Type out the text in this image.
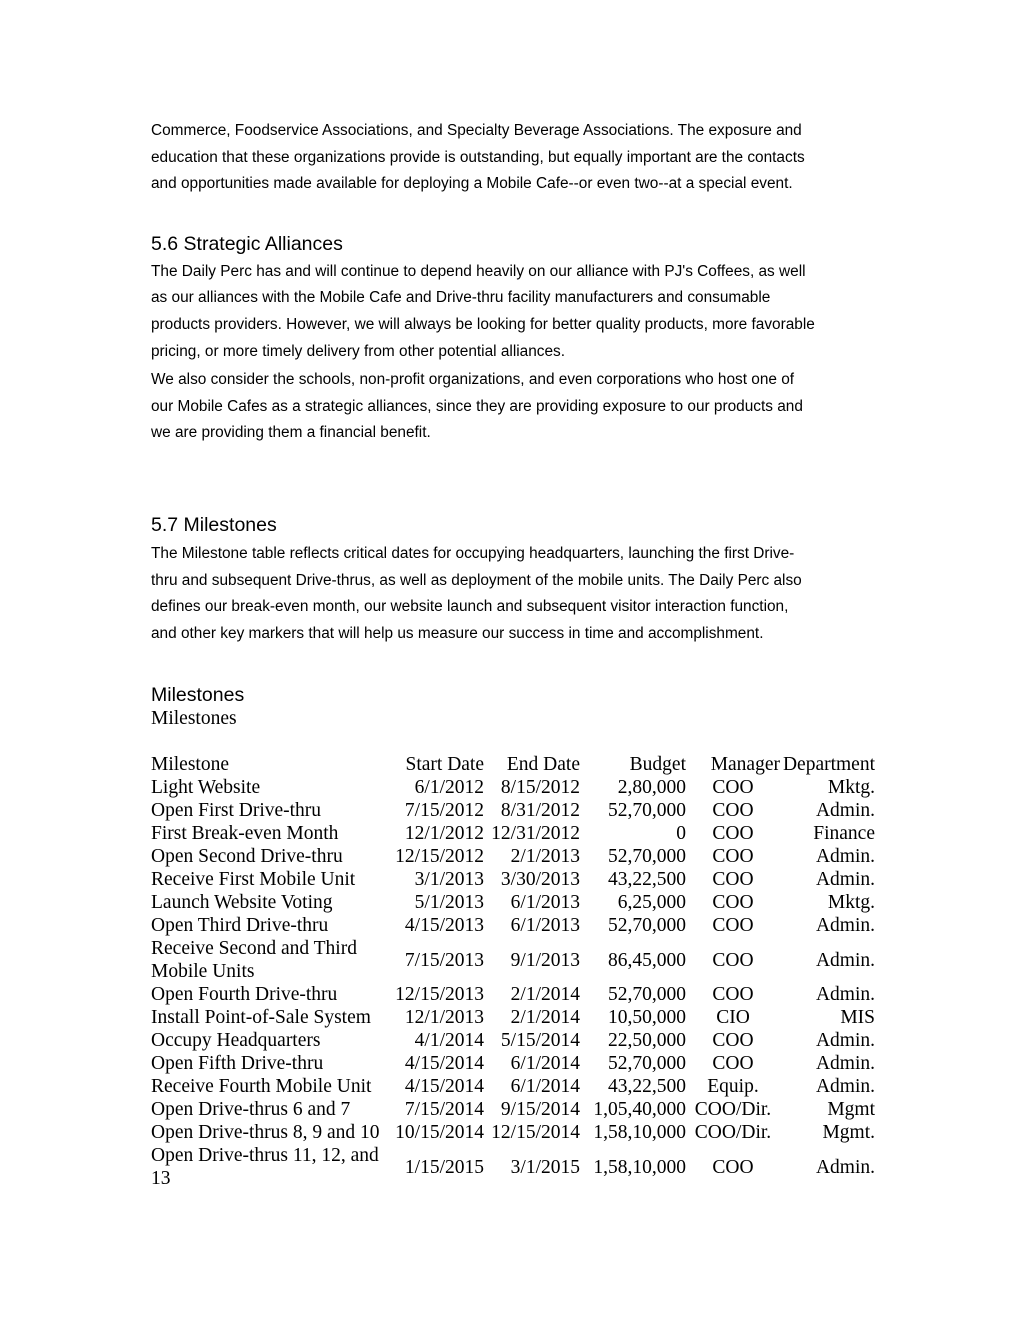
Commerce, Foodservice Associations, and Specialty Beverage Associations. The exposure and
education that these organizations provide is outstanding, but equally important are the contacts
and opportunities made available for deploying a Mobile Cafe--or even two--at a special event.

5.6 Strategic Alliances

The Daily Perc has and will continue to depend heavily on our alliance with PJ's Coffees, as well
as our alliances with the Mobile Cafe and Drive-thru facility manufacturers and consumable
products providers. However, we will always be looking for better quality products, more favorable
pricing, or more timely delivery from other potential alliances.

We also consider the schools, non-profit organizations, and even corporations who host one of
our Mobile Cafes as a strategic alliances, since they are providing exposure to our products and
we are providing them a financial benefit.

5.7 Milestones

The Milestone table reflects critical dates for occupying headquarters, launching the first Drive-
thru and subsequent Drive-thrus, as well as deployment of the mobile units. The Daily Perc also
defines our break-even month, our website launch and subsequent visitor interaction function,
and other key markers that will help us measure our success in time and accomplishment.

Milestones
Milestones
Milestone	Start Date	End Date	Budget	Manager	Department
Light Website	6/1/2012	8/15/2012	2,80,000	COO	Mktg.
Open First Drive-thru	7/15/2012	8/31/2012	52,70,000	COO	Admin.
First Break-even Month	12/1/2012	12/31/2012	0	COO	Finance
Open Second Drive-thru	12/15/2012	2/1/2013	52,70,000	COO	Admin.
Receive First Mobile Unit	3/1/2013	3/30/2013	43,22,500	COO	Admin.
Launch Website Voting	5/1/2013	6/1/2013	6,25,000	COO	Mktg.
Open Third Drive-thru	4/15/2013	6/1/2013	52,70,000	COO	Admin.
Receive Second and Third Mobile Units	7/15/2013	9/1/2013	86,45,000	COO	Admin.
Open Fourth Drive-thru	12/15/2013	2/1/2014	52,70,000	COO	Admin.
Install Point-of-Sale System	12/1/2013	2/1/2014	10,50,000	CIO	MIS
Occupy Headquarters	4/1/2014	5/15/2014	22,50,000	COO	Admin.
Open Fifth Drive-thru	4/15/2014	6/1/2014	52,70,000	COO	Admin.
Receive Fourth Mobile Unit	4/15/2014	6/1/2014	43,22,500	Equip.	Admin.
Open Drive-thrus 6 and 7	7/15/2014	9/15/2014	1,05,40,000	COO/Dir.	Mgmt
Open Drive-thrus 8, 9 and 10	10/15/2014	12/15/2014	1,58,10,000	COO/Dir.	Mgmt.
Open Drive-thrus 11, 12, and 13	1/15/2015	3/1/2015	1,58,10,000	COO	Admin.
